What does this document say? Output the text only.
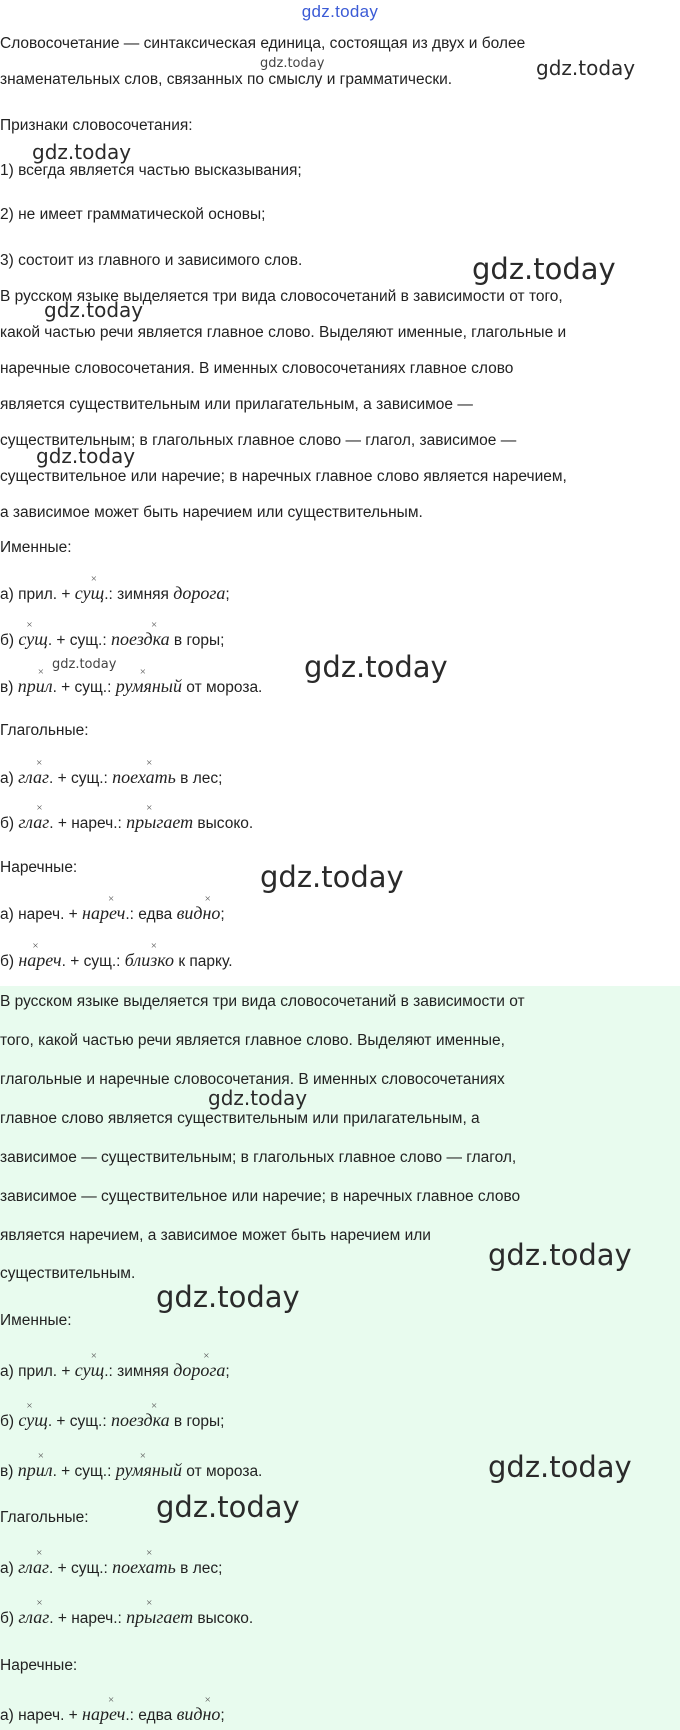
gdz.today
Словосочетание — синтаксическая единица, состоящая из двух и более
знаменательных слов, связанных по смыслу и грамматически.
Признаки словосочетания:
1) всегда является частью высказывания;
2) не имеет грамматической основы;
3) состоит из главного и зависимого слов.
В русском языке выделяется три вида словосочетаний в зависимости от того,
какой частью речи является главное слово. Выделяют именные, глагольные и
наречные словосочетания. В именных словосочетаниях главное слово
является существительным или прилагательным, а зависимое —
существительным; в глагольных главное слово — глагол, зависимое —
существительное или наречие; в наречных главное слово является наречием,
а зависимое может быть наречием или существительным.
Именные:
а) прил. + сущ
×
.: зимняя дорога;
б) сущ
×
. + сущ.: поездка
×
в горы;
в) прил
×
. + сущ.: румяный
×
от мороза.
Глагольные:
а) глаг
×
. + сущ.: поехать
×
в лес;
б) глаг
×
. + нареч.: прыгает
×
высоко.
Наречные:
а) нареч. + нареч
×
.: едва видно
×
;
б) нареч
×
. + сущ.: близко
×
к парку.
В русском языке выделяется три вида словосочетаний в зависимости от
того, какой частью речи является главное слово. Выделяют именные,
глагольные и наречные словосочетания. В именных словосочетаниях
главное слово является существительным или прилагательным, а
зависимое — существительным; в глагольных главное слово — глагол,
зависимое — существительное или наречие; в наречных главное слово
является наречием, а зависимое может быть наречием или
существительным.
Именные:
а) прил. + сущ
×
.: зимняя дорога
×
;
б) сущ
×
. + сущ.: поездка
×
в горы;
в) прил
×
. + сущ.: румяный
×
от мороза.
Глагольные:
а) глаг
×
. + сущ.: поехать
×
в лес;
б) глаг
×
. + нареч.: прыгает
×
высоко.
Наречные:
а) нареч. + нареч
×
.: едва видно
×
;
gdz.today	gdz.today
gdz.today
gdz.today
gdz.today
gdz.today
gdz.today	gdz.today
gdz.today
gdz.today
gdz.today
gdz.today
gdz.today
gdz.today
